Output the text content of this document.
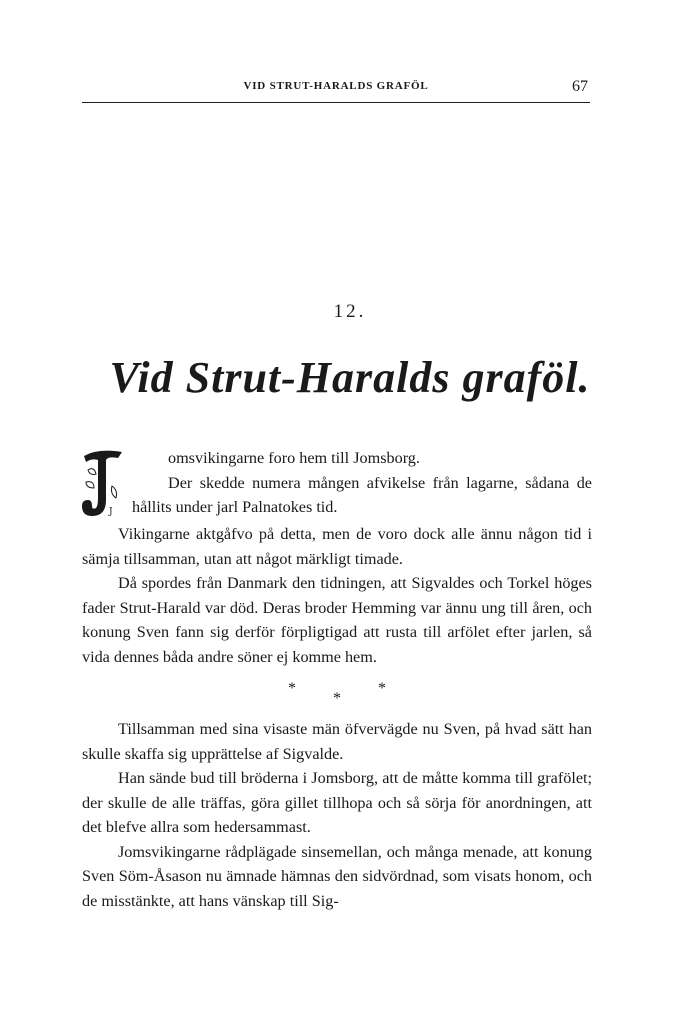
VID STRUT-HARALDS GRAFÖL	67
12.
Vid Strut-Haralds graföl.
J

omsvikingarne foro hem till Jomsborg.

Der skedde numera mången afvikelse från lagarne, sådana de hållits under jarl Palnatokes tid.

Vikingarne aktgåfvo på detta, men de voro dock alle ännu någon tid i sämja tillsamman, utan att något märkligt timade.

Då spordes från Danmark den tidningen, att Sigvaldes och Torkel höges fader Strut-Harald var död. Deras broder Hemming var ännu ung till åren, och konung Sven fann sig derför förpligtigad att rusta till arfölet efter jarlen, så vida dennes båda andre söner ej komme hem.

*
*
*

Tillsamman med sina visaste män öfvervägde nu Sven, på hvad sätt han skulle skaffa sig upprättelse af Sigvalde.

Han sände bud till bröderna i Jomsborg, att de måtte komma till grafölet; der skulle de alle träffas, göra gillet tillhopa och så sörja för anordningen, att det blefve allra som hedersammast.

Jomsvikingarne rådplägade sinsemellan, och många menade, att konung Sven Söm-Åsason nu ämnade hämnas den sidvördnad, som visats honom, och de misstänkte, att hans vänskap till Sig-
